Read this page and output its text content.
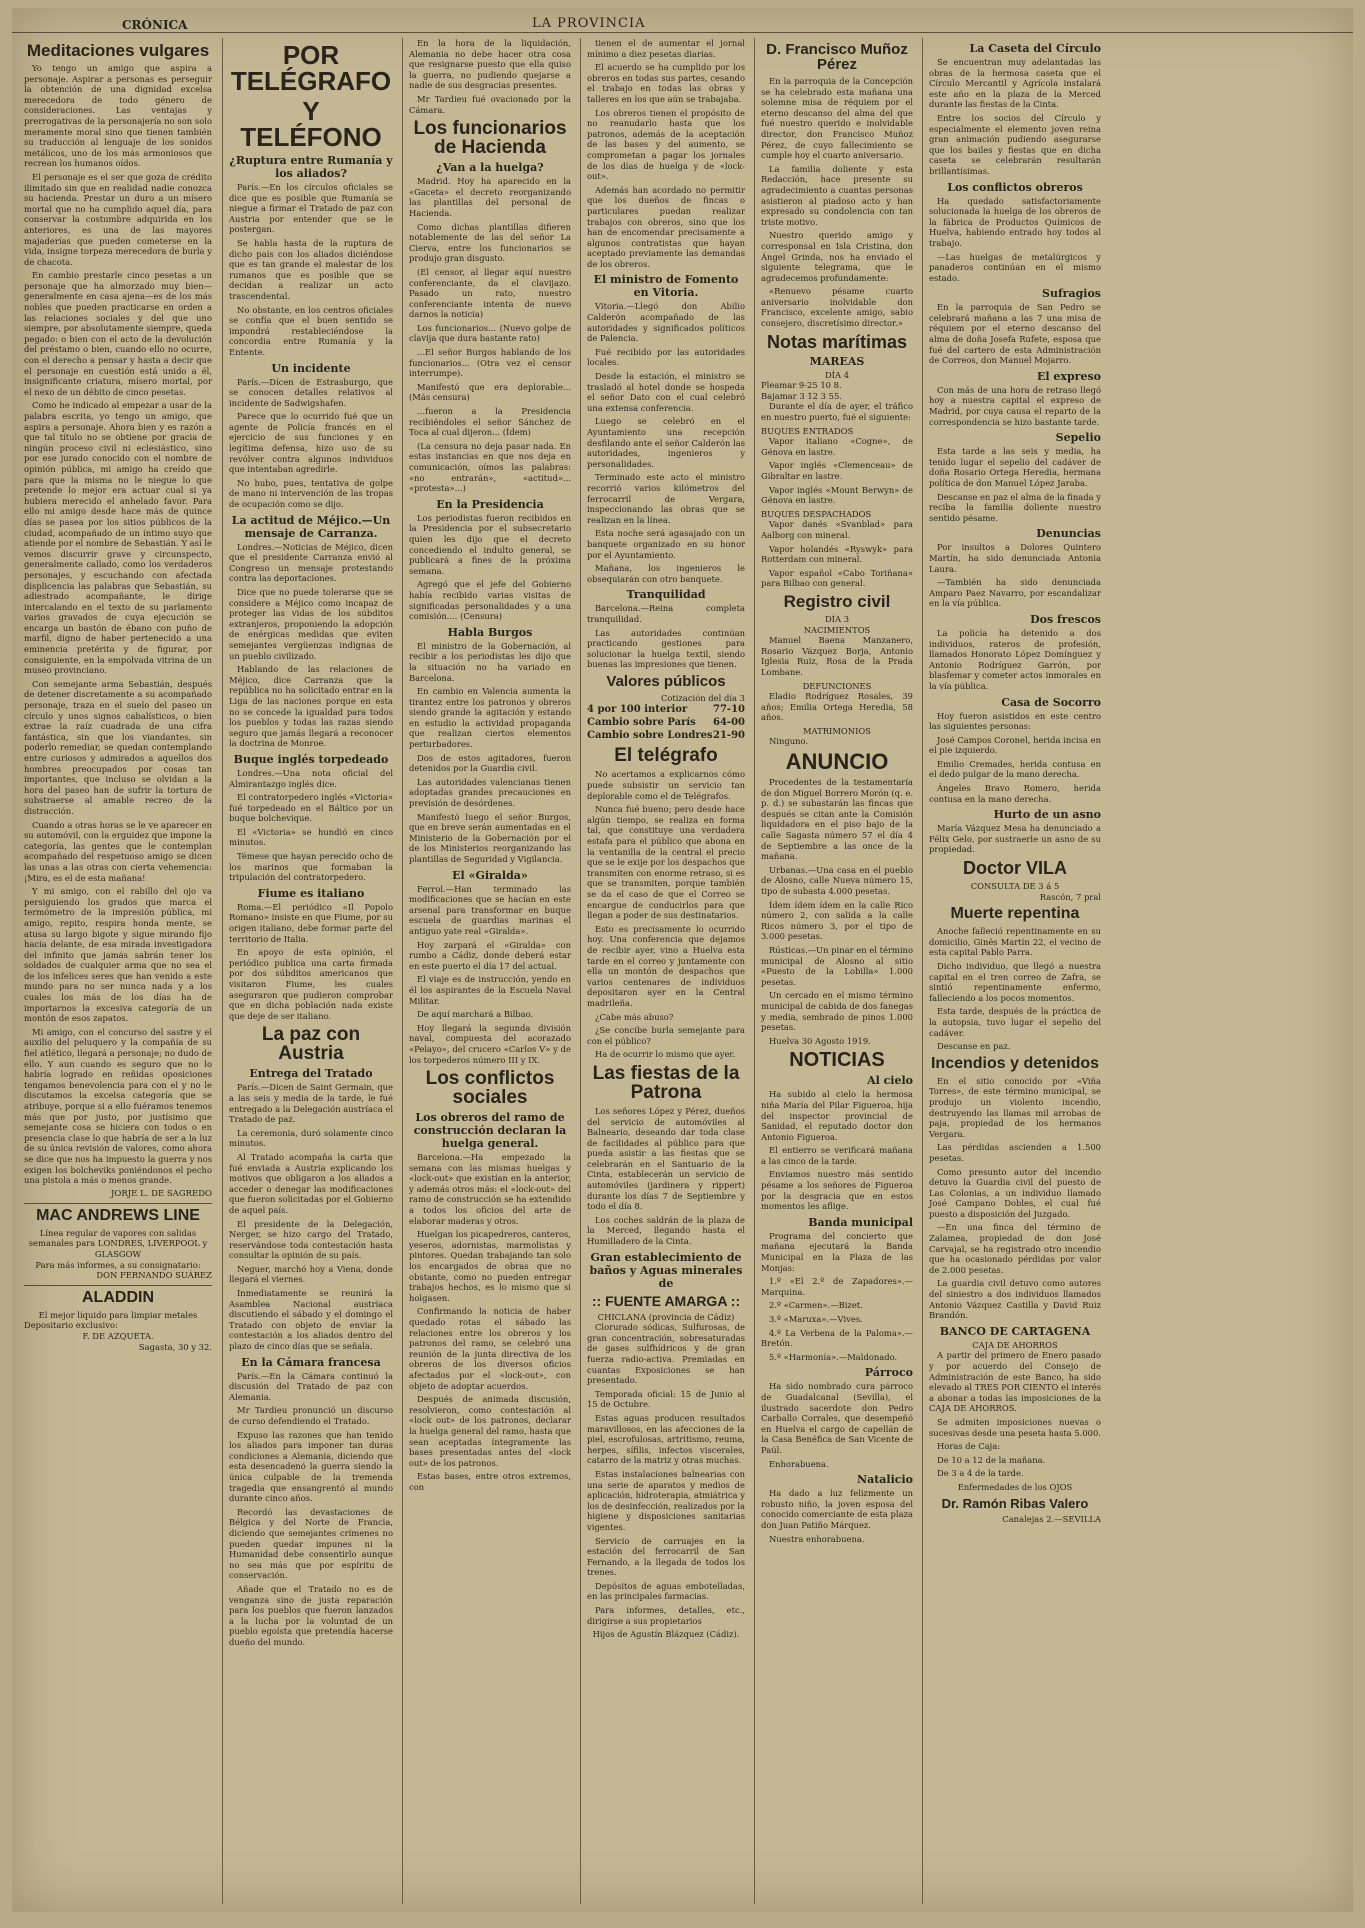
CRÓNICA	LA PROVINCIA
Meditaciones vulgares

Yo tengo un amigo que aspira a personaje. Aspirar a personas es perseguir la obtención de una dignidad excelsa merecedora de todo género de consideraciones. Las ventajas y prerrogativas de la personajería no son solo meramente moral sino que tienen también su traducción al lenguaje de los sonidos metálicos, uno de los más armoniosos que recrean los humanos oídos.

El personaje es el ser que goza de crédito ilimitado sin que en realidad nadie conozca su hacienda. Prestar un duro a un mísero mortal que no ha cumplido aquel día, para conservar la costumbre adquirida en los anteriores, es una de las mayores majaderías que pueden cometerse en la vida, insigne torpeza merecedora de burla y de chacota.

En cambio prestarle cinco pesetas a un personaje que ha almorzado muy bien—generalmente en casa ajena—es de los más nobles que pueden practicarse en orden a las relaciones sociales y del que uno siempre, por absolutamente siempre, queda pegado: o bien con el acto de la devolución del préstamo o bien, cuando ello no ocurre, con el derecho a pensar y hasta a decir que el personaje en cuestión está unido a él, insignificante criatura, mísero mortal, por el nexo de un débito de cinco pesetas.

Como he indicado al empezar a usar de la palabra escrita, yo tengo un amigo, que aspira a personaje. Ahora bien y es razón a que tal título no se obtiene por gracia de ningún proceso civil ni eclesiástico, sino por ese jurado conocido con el nombre de opinión pública, mi amigo ha creído que para que la misma no le niegue lo que pretende lo mejor era actuar cual si ya hubiera merecido el anhelado favor. Para ello mi amigo desde hace más de quince días se pasea por los sitios públicos de la ciudad, acompañado de un íntimo suyo que atiende por el nombre de Sebastián. Y así le vemos discurrir grave y circunspecto, generalmente callado, como los verdaderos personajes, y escuchando con afectada displicencia las palabras que Sebastián, su adiestrado acompañante, le dirige intercalando en el texto de su parlamento varios gravados de cuya ejecución se encarga un bastón de ébano con puño de marfil, digno de haber pertenecido a una eminencia pretérita y de figurar, por consiguiente, en la empolvada vitrina de un museo provinciano.

Con semejante arma Sebastián, después de detener discretamente a su acompañado personaje, traza en el suelo del paseo un círculo y unos signos cabalísticos, o bien extrae la raíz cuadrada de una cifra fantástica, sin que los viandantes, sin poderlo remediar, se quedan contemplando entre curiosos y admirados a aquellos dos hombres preocupados por cosas tan importantes, que incluso se olvidan a la hora del paseo han de sufrir la tortura de substraerse al amable recreo de la distracción.

Cuando a otras horas se le ve aparecer en su automóvil, con la erguidez que impone la categoría, las gentes que le contemplan acompañado del respetuoso amigo se dicen las unas a las otras con cierta vehemencia: ¡Mira, es el de esta mañana!

Y mi amigo, con el rabillo del ojo va persiguiendo los grados que marca el termómetro de la impresión pública, mi amigo, repito, respira honda mente, se atusa su largo bigote y sigue mirando fijo hacia delante, de esa mirada investigadora del infinito que jamás sabrán tener los soldados de cualquier arma que no sea el de los infelices seres que han venido a este mundo para no ser nunca nada y a los cuales los más de los días ha de importarnos la excesiva categoría de un montón de esos zapatos.

Mi amigo, con el concurso del sastre y el auxilio del peluquero y la compañía de su fiel atlético, llegará a personaje; no dudo de ello. Y aun cuando es seguro que no lo habría logrado en reñidas oposiciones tengamos benevolencia para con el y no le discutamos la excelsa categoría que se atribuye, porque si a ello fuéramos tenemos más que por justo, por justísimo que semejante cosa se hiciera con todos o en presencia clase lo que habría de ser a la luz de su única revisión de valores, como ahora se dice que nos ha impuesto la guerra y nos exigen los bolcheviks poniéndonos el pecho una pistola a más o menos grande.

JORJE L. DE SAGREDO
MAC ANDREWS LINE
Línea regular de vapores con salidas semanales para LONDRES, LIVERPOOL y GLASGOW
Para más informes, a su consignatario:
DON FERNANDO SUÁREZ
ALADDIN
El mejor líquido para limpiar metales
Depositario exclusivo:
F. DE AZQUETA.
Sagasta, 30 y 32.
POR TELÉGRAFO
Y TELÉFONO
¿Ruptura entre Rumanía y los aliados?

París.—En los círculos oficiales se dice que es posible que Rumanía se niegue a firmar el Tratado de paz con Austria por entender que se le postergan.

Se habla hasta de la ruptura de dicho país con los aliados diciéndose que es tan grande el malestar de los rumanos que es posible que se decidan a realizar un acto trascendental.

No obstante, en los centros oficiales se confía que el buen sentido se impondrá restableciéndose la concordia entre Rumanía y la Entente.

Un incidente

París.—Dícen de Estrasburgo, que se conocen detalles relativos al incidente de Sadwigshafen.

Parece que lo ocurrido fué que un agente de Policía francés en el ejercicio de sus funciones y en legítima defensa, hizo uso de su revólver contra algunos individuos que intentaban agredirle.

No hubo, pues, tentativa de golpe de mano ni intervención de las tropas de ocupación como se dijo.

La actitud de Méjico.—Un mensaje de Carranza.

Londres.—Noticias de Méjico, dicen que el presidente Carranza envió al Congreso un mensaje protestando contra las deportaciones.

Dice que no puede tolerarse que se considere a Méjico como incapaz de proteger las vidas de los súbditos extranjeros, proponiendo la adopción de enérgicas medidas que eviten semejantes vergüenzas indignas de un pueblo civilizado.

Hablando de las relaciones de Méjico, dice Carranza que la república no ha solicitado entrar en la Liga de las naciones porque en esta no se concede la igualdad para todos los pueblos y todas las razas siendo seguro que jamás llegará a reconocer la doctrina de Monroe.

Buque inglés torpedeado

Londres.—Una nota oficial del Almirantazgo inglés dice.

El contratorpedero inglés «Victoria» fué torpedeado en el Báltico por un buque bolchevique.

El «Victoria» se hundió en cinco minutos.

Témese que hayan perecido ocho de los marinos que formaban la tripulación del contratorpedero.

Fiume es italiano

Roma.—El periódico «Il Popolo Romano» insiste en que Fiume, por su origen italiano, debe formar parte del territorio de Italia.

En apoyo de esta opinión, el periódico publica una carta firmada por dos súbditos americanos que visitaron Fiume, les cuales aseguraron que pudieron comprobar que en dicha población nada existe que deje de ser italiano.

La paz con Austria
Entrega del Tratado

París.—Dicen de Saint Germain, que a las seis y media de la tarde, le fué entregado a la Delegación austríaca el Tratado de paz.

La ceremonia, duró solamente cinco minutos.

Al Tratado acompaña la carta que fué enviada a Austria explicando los motivos que obligaron a los aliados a acceder o denegar las modificaciones que fueron solicitadas por el Gobierno de aquel país.

El presidente de la Delegación, Nerger, se hizo cargo del Tratado, reservándose toda contestación hasta consultar la opinión de su país.

Neguer, marchó hoy a Viena, donde llegará el viernes.

Inmediatamente se reunirá la Asamblea Nacional austríaca discutiendo el sábado y el domingo el Tratado con objeto de enviar la contestación a los aliados dentro del plazo de cinco días que se señala.

En la Cámara francesa

París.—En la Cámara continuó la discusión del Tratado de paz con Alemania.

Mr Tardieu pronunció un discurso de curso defendiendo el Tratado.

Expuso las razones que han tenido los aliados para imponer tan duras condiciones a Alemania, diciendo que esta desencadenó la guerra siendo la única culpable de la tremenda tragedia que ensangrentó al mundo durante cinco años.

Recordó las devastaciones de Bélgica y del Norte de Francia, diciendo que semejantes crímenes no pueden quedar impunes ni la Humanidad debe consentirlo aunque no sea más que por espíritu de conservación.

Añade que el Tratado no es de venganza sino de justa reparación para los pueblos que fueron lanzados a la lucha por la voluntad de un pueblo egoísta que pretendía hacerse dueño del mundo.

En la hora de la liquidación, Alemania no debe hacer otra cosa que resignarse puesto que ella quiso la guerra, no pudiendo quejarse a nadie de sus desgracias presentes.

Mr Tardieu fué ovacionado por la Cámara.

Los funcionarios de Hacienda
¿Van a la huelga?

Madrid. Hoy ha aparecido en la «Gaceta» el decreto reorganizando las plantillas del personal de Hacienda.

Como dichas plantillas difieren notablemente de las del señor La Cierva, entre los funcionarios se produjo gran disgusto.

(El censor, al llegar aquí nuestro conferenciante, da el clavijazo. Pasado un rato, nuestro conferenciante intenta de nuevo darnos la noticia)

Los funcionarios... (Nuevo golpe de clavija que dura bastante rato)

...El señor Burgos hablando de los funcionarios... (Otra vez el censor interrumpe).

Manifestó que era deplorable... (Más censura)

...fueron a la Presidencia recibiéndoles el señor Sánchez de Toca al cual dijeron... (Ídem)

(La censura no deja pasar nada. En estas instancias en que nos deja en comunicación, oímos las palabras: «no entrarán», «actitud»... «protesta»...)

En la Presidencia

Los periodistas fueron recibidos en la Presidencia por el subsecretario quien les dijo que el decreto concediendo el indulto general, se publicará a fines de la próxima semana.

Agregó que el jefe del Gobierno había recibido varias visitas de significadas personalidades y a una comisión.... (Censura)

Habla Burgos

El ministro de la Gobernación, al recibir a los periodistas les dijo que la situación no ha variado en Barcelona.

En cambio en Valencia aumenta la tirantez entre los patronos y obreros siendo grande la agitación y estando en estudio la actividad propaganda que realizan ciertos elementos perturbadores.

Dos de estos agitadores, fueron detenidos por la Guardia civil.

Las autoridades valencianas tienen adoptadas grandes precauciones en previsión de desórdenes.

Manifestó luego el señor Burgos, que en breve serán aumentadas en el Ministerio de la Gobernación por el de los Ministerios reorganizando las plantillas de Seguridad y Vigilancia.

El «Giralda»

Ferrol.—Han terminado las modificaciones que se hacían en este arsenal para transformar en buque escuela de guardias marinas el antiguo yate real «Giralda».

Hoy zarpará el «Giralda» con rumbo a Cádiz, donde deberá estar en este puerto el día 17 del actual.

El viaje es de instrucción, yendo en él los aspirantes de la Escuela Naval Militar.

De aquí marchará a Bilbao.

Hoy llegará la segunda división naval, compuesta del acorazado «Pelayo», del crucero «Carlos V» y de los torpederos número III y IX.

Los conflictos sociales
Los obreros del ramo de construcción declaran la huelga general.

Barcelona.—Ha empezado la semana con las mismas huelgas y «lock-out» que existían en la anterior, y además otros más: el «lock-out» del ramo de construcción se ha extendido a todos los oficios del arte de elaborar maderas y otros.

Huelgan los picapedreros, canteros, yeseros, adornistas, marmolistas y pintores. Quedan trabajando tan solo los encargados de obras que no obstante, como no pueden entregar trabajos hechos, es lo mismo que si holgasen.

Confirmando la noticia de haber quedado rotas el sábado las relaciones entre los obreros y los patronos del ramo, se celebró una reunión de la junta directiva de los obreros de los diversos oficios afectados por el «lock-out», con objeto de adoptar acuerdos.

Después de animada discusión, resolvieron, como contestación al «lock out» de los patronos, declarar la huelga general del ramo, hasta que sean aceptadas íntegramente las bases presentadas antes del «lock out» de los patronos.

Estas bases, entre otros extremos, con

tienen el de aumentar el jornal mínimo a diez pesetas diarias.

El acuerdo se ha cumplido por los obreros en todas sus partes, cesando el trabajo en todas las obras y talleres en los que aún se trabajaba.

Los obreros tienen el propósito de no reanudarlo hasta que los patronos, además de la aceptación de las bases y del aumento, se comprometan a pagar los jornales de los días de huelga y de «lock-out».

Además han acordado no permitir que los dueños de fincas o particulares puedan realizar trabajos con obreros, sino que los han de encomendar precisamente a algunos contratistas que hayan aceptado previamente las demandas de los obreros.

El ministro de Fomento en Vitoria.

Vitoria.—Llegó don Abilio Calderón acompañado de las autoridades y significados políticos de Palencia.

Fué recibido por las autoridades locales.

Desde la estación, el ministro se trasladó al hotel donde se hospeda el señor Dato con el cual celebró una extensa conferencia.

Luego se celebró en el Ayuntamiento una recepción desfilando ante el señor Calderón las autoridades, ingenieros y personalidades.

Terminado este acto el ministro recorrió varios kilómetros del ferrocarril de Vergara, inspeccionando las obras que se realizan en la línea.

Esta noche será agasajado con un banquete organizado en su honor por el Ayuntamiento.

Mañana, los ingenieros le obsequiarán con otro banquete.

Tranquilidad

Barcelona.—Reina completa tranquilidad.

Las autoridades continúan practicando gestiones para solucionar la huelga textil, siendo buenas las impresiones que tienen.

Valores públicos
Cotización del día 3
4 por 100 interior	77-10
Cambio sobre París 64-00
Cambio sobre Londres 21-90
El telégrafo

No acertamos a explicarnos cómo puede subsistir un servicio tan deplorable como el de Telégrafos.

Nunca fué bueno; pero desde hace algún tiempo, se realiza en forma tal, que constituye una verdadera estafa para el público que abona en la ventanilla de la central el precio que se le exije por los despachos que transmiten con enorme retraso, si es que se transmiten, porque también se da el caso de que el Correo se encargue de conducirlos para que llegan a poder de sus destinatarios.

Esto es precisamente lo ocurrido hoy. Una conferencia que dejamos de recibir ayer, vino a Huelva esta tarde en el correo y juntamente con ella un montón de despachos que varios centenares de individuos depositaron ayer en la Central madrileña.

¿Cabe más abuso?

¿Se concibe burla semejante para con el público?

Ha de ocurrir lo mismo que ayer.

Las fiestas de la Patrona

Los señores López y Pérez, dueños del servicio de automóviles al Balneario, deseando dar toda clase de facilidades al público para que pueda asistir a las fiestas que se celebrarán en el Santuario de la Cinta, establecerán un servicio de automóviles (jardinera y rippert) durante los días 7 de Septiembre y todo el día 8.

Los coches saldrán de la plaza de la Merced, llegando hasta el Humilladero de la Cinta.

Gran establecimiento de baños y Aguas minerales de
:: FUENTE AMARGA ::
CHICLANA (provincia de Cádiz)

Clorurado sódicas, Sulfurosas, de gran concentración, sobresaturadas de gases sulfhídricos y de gran fuerza radio-activa. Premiadas en cuantas Exposiciones se han presentado.

Temporada oficial: 15 de Junio al 15 de Octubre.

Estas aguas producen resultados maravillosos, en las afecciones de la piel, escrofulosas, artritismo, reuma, herpes, sífilis, infectos viscerales, catarro de la matriz y otras muchas.

Estas instalaciones balnearias con una serie de aparatos y medios de aplicación, hidroterapia, atmiátrica y los de desinfección, realizados por la higiene y disposiciones sanitarias vigentes.

Servicio de carruajes en la estación del ferrocarril de San Fernando, a la llegada de todos los trenes.

Depósitos de aguas embotelladas, en las principales farmacias.

Para informes, detalles, etc., dirigirse a sus propietarios

Hijos de Agustín Blázquez (Cádiz).
D. Francisco Muñoz Pérez

En la parroquia de la Concepción se ha celebrado esta mañana una solemne misa de réquiem por el eterno descanso del alma del que fué nuestro querido e inolvidable director, don Francisco Muñoz Pérez, de cuyo fallecimiento se cumple hoy el cuarto aniversario.

La familia doliente y esta Redacción, hace presente su agradecimiento a cuantas personas asistieron al piadoso acto y han expresado su condolencia con tan triste motivo.

Nuestro querido amigo y corresponsal en Isla Cristina, don Ángel Grinda, nos ha enviado el siguiente telegrama, que le agradecemos profundamente:

«Renuevo pésame cuarto aniversario inolvidable don Francisco, excelente amigo, sabio consejero, discretísimo director.»

Notas marítimas
MAREAS
DÍA 4
Pleamar 9-25 10 8.
Bajamar 3 12 3 55.

Durante el día de ayer, el tráfico en nuestro puerto, fué el siguiente:

BUQUES ENTRADOS

Vapor italiano «Cogne», de Génova en lastre.

Vapor inglés «Clemenceau» de Gibraltar en lastre.

Vapor inglés «Mount Berwyn» de Génova en lastre.

BUQUES DESPACHADOS

Vapor danés «Svanblad» para Aalborg con mineral.

Vapor holandés «Ryswyk» para Rotterdam con mineral.

Vapor español «Cabo Toriñana» para Bilbao con general.

Registro civil
DÍA 3
NACIMIENTOS

Manuel Baena Manzanero, Rosario Vázquez Borja, Antonio Iglesia Ruiz, Rosa de la Prada Lombane.

DEFUNCIONES

Eladio Rodríguez Rosales, 39 años; Emilia Ortega Heredia, 58 años.

MATRIMONIOS

Ninguno.

ANUNCIO

Procedentes de la testamentaría de don Miguel Borrero Morón (q. e. p. d.) se subastarán las fincas que después se citan ante la Comisión liquidadora en el piso bajo de la calle Sagasta número 57 el día 4 de Septiembre a las once de la mañana.

Urbanas.—Una casa en el pueblo de Alosno, calle Nueva número 15, tipo de subasta 4.000 pesetas.

Ídem ídem ídem en la calle Rico número 2, con salida a la calle Ricos número 3, por el tipo de 3.000 pesetas.

Rústicas.—Un pinar en el término municipal de Alosno al sitio «Puesto de la Lobilla» 1.000 pesetas.

Un cercado en el mismo término municipal de cabida de dos fanegas y media, sembrado de pinos 1.000 pesetas.

Huelva 30 Agosto 1919.

NOTICIAS
Al cielo

Ha subido al cielo la hermosa niña María del Pilar Figueroa, hija del inspector provincial de Sanidad, el reputado doctor don Antonio Figueroa.

El entierro se verificará mañana a las cinco de la tarde.

Enviamos nuestro más sentido pésame a los señores de Figueroa por la desgracia que en estos momentos les aflige.

Banda municipal

Programa del concierto que mañana ejecutará la Banda Municipal en la Plaza de las Monjas:

1.º «El 2.º de Zapadores».—Marquina.

2.º «Carmen».—Bizet.

3.º «Maruxa».—Vives.

4.º La Verbena de la Paloma».—Bretón.

5.º «Harmonía».—Maldonado.

Párroco

Ha sido nombrado cura párroco de Guadalcanal (Sevilla), el ilustrado sacerdote don Pedro Carballo Corrales, que desempeñó en Huelva el cargo de capellán de la Casa Benéfica de San Vicente de Paúl.

Enhorabuena.

Natalicio

Ha dado a luz felizmente un robusto niño, la joven esposa del conocido comerciante de esta plaza don Juan Patiño Márquez.

Nuestra enhorabuena.

La Caseta del Círculo

Se encuentran muy adelantadas las obras de la hermosa caseta que el Círculo Mercantil y Agrícola instalará este año en la plaza de la Merced durante las fiestas de la Cinta.

Entre los socios del Círculo y especialmente el elemento joven reina gran animación pudiendo asegurarse que los bailes y fiestas que en dicha caseta se celebrarán resultarán brillantísimas.

Los conflictos obreros

Ha quedado satisfactoriamente solucionada la huelga de los obreros de la fábrica de Productos Químicos de Huelva, habiendo entrado hoy todos al trabajo.

—Las huelgas de metalúrgicos y panaderos continúan en el mismo estado.

Sufragios

En la parroquia de San Pedro se celebrará mañana a las 7 una misa de réquiem por el eterno descanso del alma de doña Josefa Rufete, esposa que fué del cartero de esta Administración de Correos, don Manuel Mojarro.

El expreso

Con más de una hora de retraso llegó hoy a nuestra capital el expreso de Madrid, por cuya causa el reparto de la correspondencia se hizo bastante tarde.

Sepelio

Esta tarde a las seis y media, ha tenido lugar el sepelio del cadáver de doña Rosario Ortega Heredia, hermana política de don Manuel López Jaraba.

Descanse en paz el alma de la finada y reciba la familia doliente nuestro sentido pésame.

Denuncias

Por insultos a Dolores Quintero Martín, ha sido denunciada Antonia Laura.

—También ha sido denunciada Amparo Paez Navarro, por escandalizar en la vía pública.

Dos frescos

La policía ha detenido a dos individuos, rateros de profesión, llamados Honorato López Domínguez y Antonio Rodríguez Garrón, por blasfemar y cometer actos inmorales en la vía pública.

Casa de Socorro

Hoy fueron asistidos en este centro las siguientes personas:

José Campos Coronel, herida incisa en el pie izquierdo.

Emilio Cremades, herida contusa en el dedo pulgar de la mano derecha.

Ángeles Bravo Romero, herida contusa en la mano derecha.

Hurto de un asno

María Vázquez Mesa ha denunciado a Félix Gelo, por sustraerle un asno de su propiedad.

Doctor VILA
CONSULTA DE 3 á 5
Rascón, 7 pral
Muerte repentina

Anoche falleció repentinamente en su domicilio, Ginés Martín 22, el vecino de esta capital Pablo Parra.

Dicho individuo, que llegó a nuestra capital en el tren correo de Zafra, se sintió repentinamente enfermo, falleciendo a los pocos momentos.

Esta tarde, después de la práctica de la autopsia, tuvo lugar el sepelio del cadáver.

Descanse en paz.

Incendios y detenidos

En el sitio conocido por «Viña Torres», de este término municipal, se produjo un violento incendio, destruyendo las llamas mil arrobas de paja, propiedad de los hermanos Vergara.

Las pérdidas ascienden a 1.500 pesetas.

Como presunto autor del incendio detuvo la Guardia civil del puesto de Las Colonias, a un individuo llamado José Campano Dobles, el cual fué puesto a disposición del Juzgado.

—En una finca del término de Zalamea, propiedad de don José Carvajal, se ha registrado otro incendio que ha ocasionado pérdidas por valor de 2.000 pesetas.

La guardia civil detuvo como autores del siniestro a dos individuos llamados Antonio Vázquez Castilla y David Ruiz Brandón.

BANCO DE CARTAGENA
CAJA DE AHORROS

A partir del primero de Enero pasado y por acuerdo del Consejo de Administración de este Banco, ha sido elevado al TRES POR CIENTO el interés a abonar a todas las imposiciones de la CAJA DE AHORROS.

Se admiten imposiciones nuevas o sucesivas desde una peseta hasta 5.000.

Horas de Caja:

De 10 a 12 de la mañana.

De 3 a 4 de la tarde.

Enfermedades de los OJOS
Dr. Ramón Ribas Valero
Canalejas 2.—SEVILLA
